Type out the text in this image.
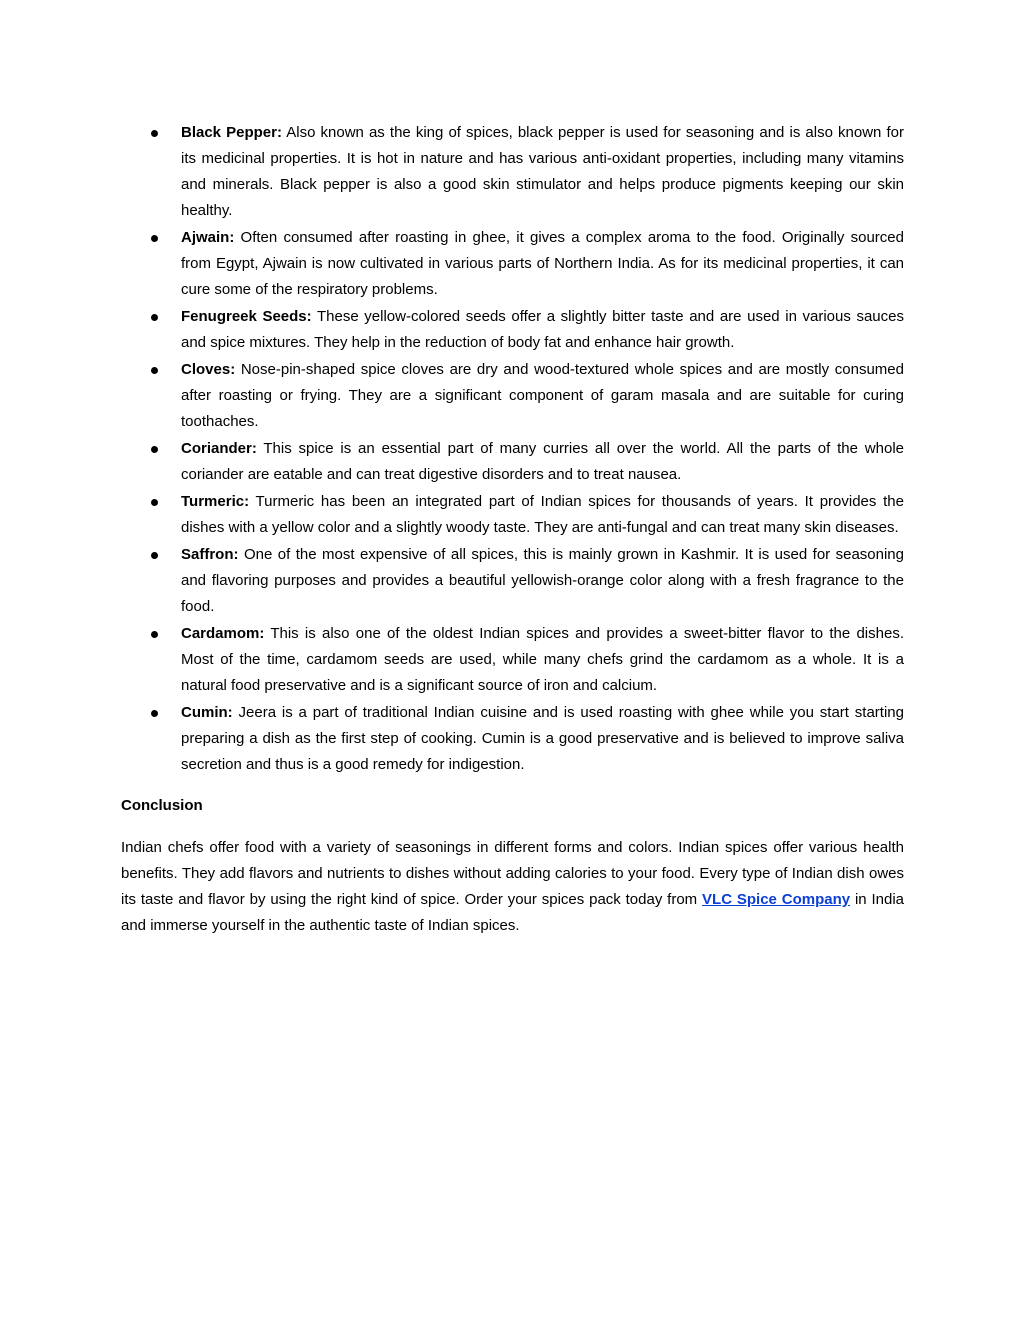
Black Pepper: Also known as the king of spices, black pepper is used for seasoning and is also known for its medicinal properties. It is hot in nature and has various anti-oxidant properties, including many vitamins and minerals. Black pepper is also a good skin stimulator and helps produce pigments keeping our skin healthy.
Ajwain: Often consumed after roasting in ghee, it gives a complex aroma to the food. Originally sourced from Egypt, Ajwain is now cultivated in various parts of Northern India. As for its medicinal properties, it can cure some of the respiratory problems.
Fenugreek Seeds: These yellow-colored seeds offer a slightly bitter taste and are used in various sauces and spice mixtures. They help in the reduction of body fat and enhance hair growth.
Cloves: Nose-pin-shaped spice cloves are dry and wood-textured whole spices and are mostly consumed after roasting or frying. They are a significant component of garam masala and are suitable for curing toothaches.
Coriander: This spice is an essential part of many curries all over the world. All the parts of the whole coriander are eatable and can treat digestive disorders and to treat nausea.
Turmeric: Turmeric has been an integrated part of Indian spices for thousands of years. It provides the dishes with a yellow color and a slightly woody taste. They are anti-fungal and can treat many skin diseases.
Saffron: One of the most expensive of all spices, this is mainly grown in Kashmir. It is used for seasoning and flavoring purposes and provides a beautiful yellowish-orange color along with a fresh fragrance to the food.
Cardamom: This is also one of the oldest Indian spices and provides a sweet-bitter flavor to the dishes. Most of the time, cardamom seeds are used, while many chefs grind the cardamom as a whole. It is a natural food preservative and is a significant source of iron and calcium.
Cumin: Jeera is a part of traditional Indian cuisine and is used roasting with ghee while you start starting preparing a dish as the first step of cooking. Cumin is a good preservative and is believed to improve saliva secretion and thus is a good remedy for indigestion.
Conclusion

Indian chefs offer food with a variety of seasonings in different forms and colors. Indian spices offer various health benefits. They add flavors and nutrients to dishes without adding calories to your food. Every type of Indian dish owes its taste and flavor by using the right kind of spice. Order your spices pack today from VLC Spice Company in India and immerse yourself in the authentic taste of Indian spices.
